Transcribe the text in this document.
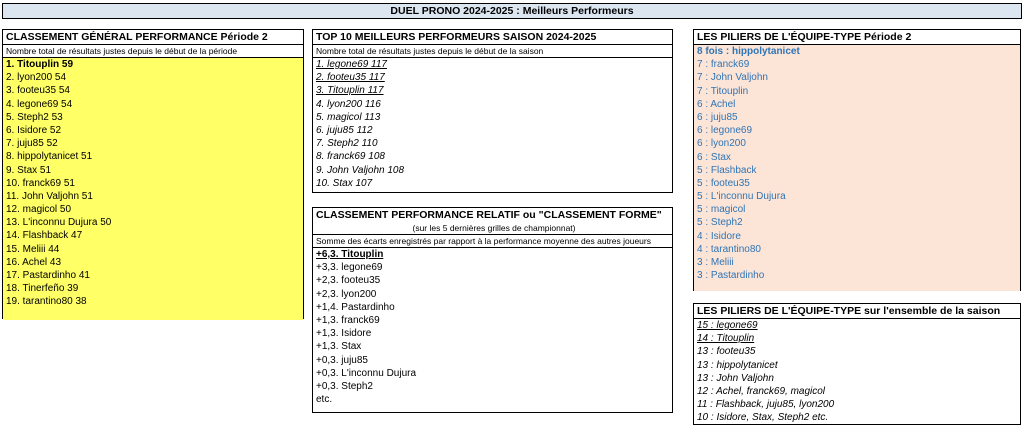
DUEL PRONO 2024-2025 : Meilleurs Performeurs
CLASSEMENT GÉNÉRAL PERFORMANCE Période 2
Nombre total de résultats justes depuis le début de la période
1. Titouplin 59
2. lyon200 54
3. footeu35 54
4. legone69 54
5. Steph2 53
6. Isidore 52
7. juju85 52
8. hippolytanicet 51
9. Stax 51
10. franck69 51
11. John Valjohn 51
12. magicol 50
13. L'inconnu Dujura 50
14. Flashback 47
15. Meliii 44
16. Achel 43
17. Pastardinho 41
18. Tinerfeño 39
19. tarantino80 38
TOP 10 MEILLEURS PERFORMEURS SAISON 2024-2025
Nombre total de résultats justes depuis le début de la saison
1. legone69 117
2. footeu35 117
3. Titouplin 117
4. lyon200 116
5. magicol 113
6. juju85 112
7. Steph2 110
8. franck69 108
9. John Valjohn 108
10. Stax 107
CLASSEMENT PERFORMANCE RELATIF ou "CLASSEMENT FORME"
(sur les 5 dernières grilles de championnat)
Somme des écarts enregistrés par rapport à la performance moyenne des autres joueurs
+6,3. Titouplin
+3,3. legone69
+2,3. footeu35
+2,3. lyon200
+1,4. Pastardinho
+1,3. franck69
+1,3. Isidore
+1,3. Stax
+0,3. juju85
+0,3. L'inconnu Dujura
+0,3. Steph2
etc.
LES PILIERS DE L'ÉQUIPE-TYPE Période 2
8 fois : hippolytanicet
7 : franck69
7 : John Valjohn
7 : Titouplin
6 : Achel
6 : juju85
6 : legone69
6 : lyon200
6 : Stax
5 : Flashback
5 : footeu35
5 : L'inconnu Dujura
5 : magicol
5 : Steph2
4 : Isidore
4 : tarantino80
3 : Meliii
3 : Pastardinho
LES PILIERS DE L'ÉQUIPE-TYPE sur l'ensemble de la saison
15 : legone69
14 : Titouplin
13 : footeu35
13 : hippolytanicet
13 : John Valjohn
12 : Achel, franck69, magicol
11 : Flashback, juju85, lyon200
10 : Isidore, Stax, Steph2 etc.
